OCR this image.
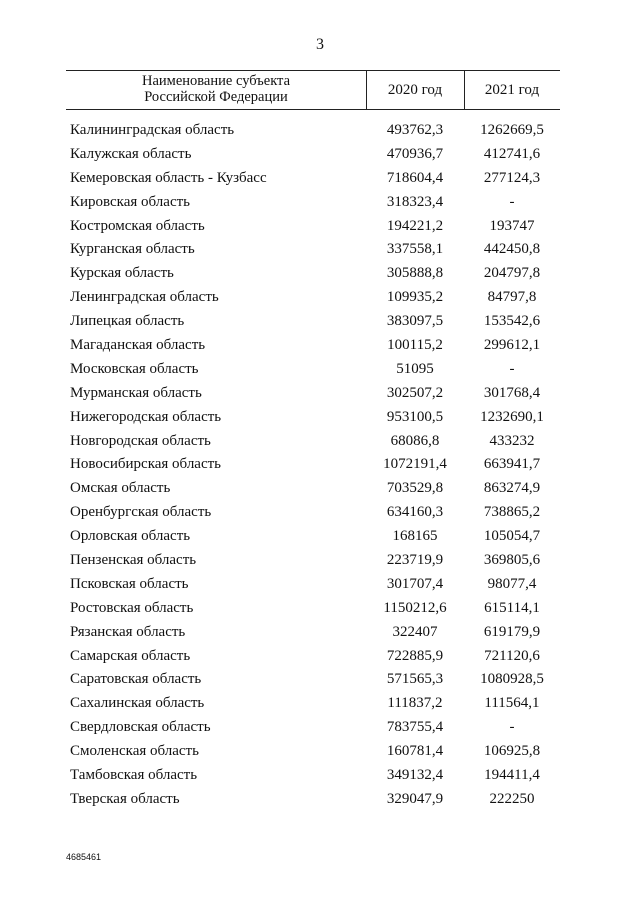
3
Наименование субъекта
Российской Федерации	2020 год	2021 год
Калининградская область	493762,3	1262669,5
Калужская область	470936,7	412741,6
Кемеровская область - Кузбасс	718604,4	277124,3
Кировская область	318323,4	-
Костромская область	194221,2	193747
Курганская область	337558,1	442450,8
Курская область	305888,8	204797,8
Ленинградская область	109935,2	84797,8
Липецкая область	383097,5	153542,6
Магаданская область	100115,2	299612,1
Московская область	51095	-
Мурманская область	302507,2	301768,4
Нижегородская область	953100,5	1232690,1
Новгородская область	68086,8	433232
Новосибирская область	1072191,4	663941,7
Омская область	703529,8	863274,9
Оренбургская область	634160,3	738865,2
Орловская область	168165	105054,7
Пензенская область	223719,9	369805,6
Псковская область	301707,4	98077,4
Ростовская область	1150212,6	615114,1
Рязанская область	322407	619179,9
Самарская область	722885,9	721120,6
Саратовская область	571565,3	1080928,5
Сахалинская область	111837,2	111564,1
Свердловская область	783755,4	-
Смоленская область	160781,4	106925,8
Тамбовская область	349132,4	194411,4
Тверская область	329047,9	222250
4685461
